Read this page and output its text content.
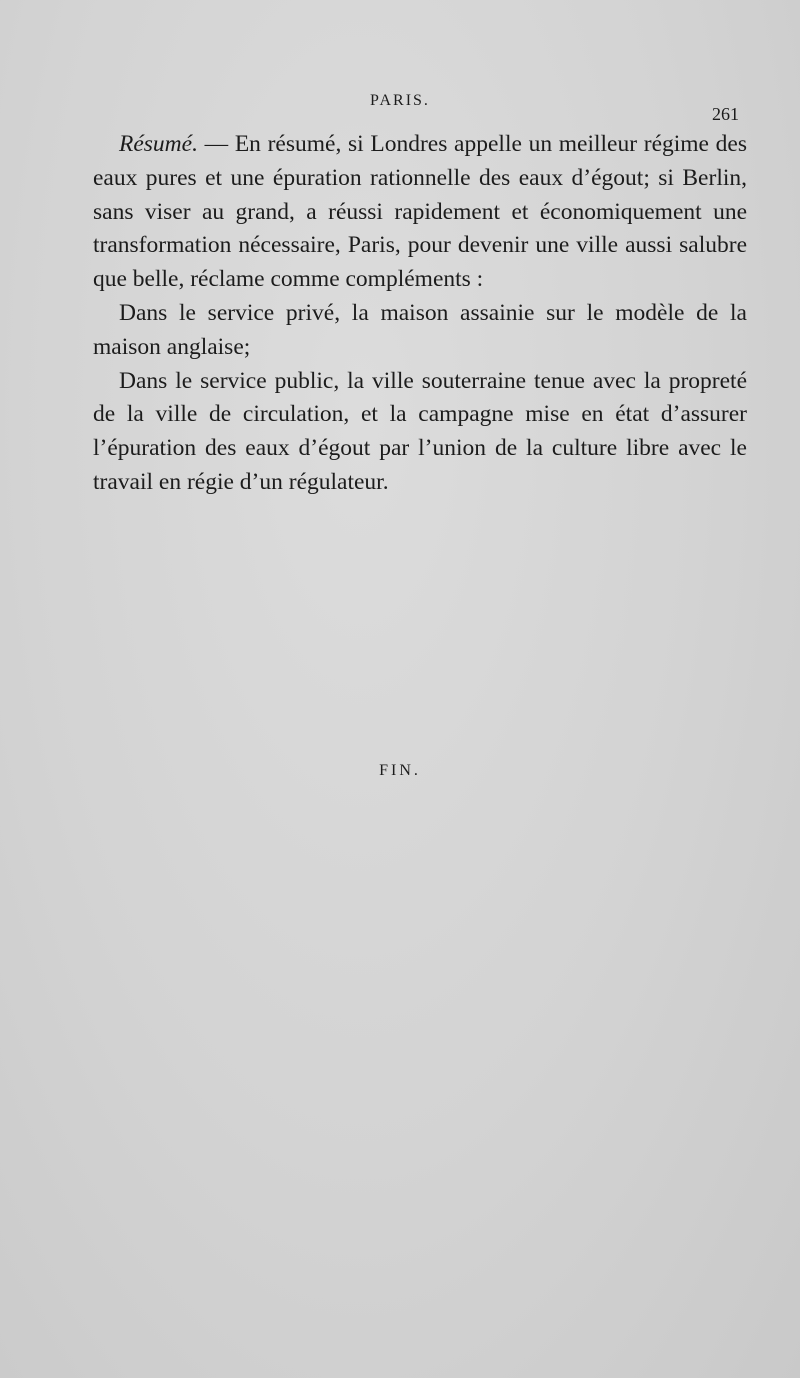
PARIS.
261

Résumé. — En résumé, si Londres appelle un meilleur régime des eaux pures et une épuration rationnelle des eaux d’égout; si Berlin, sans viser au grand, a réussi rapidement et économiquement une transformation nécessaire, Paris, pour devenir une ville aussi salubre que belle, réclame comme compléments :

Dans le service privé, la maison assainie sur le modèle de la maison anglaise;

Dans le service public, la ville souterraine tenue avec la propreté de la ville de circulation, et la campagne mise en état d’assurer l’épuration des eaux d’égout par l’union de la culture libre avec le travail en régie d’un régulateur.

FIN.
